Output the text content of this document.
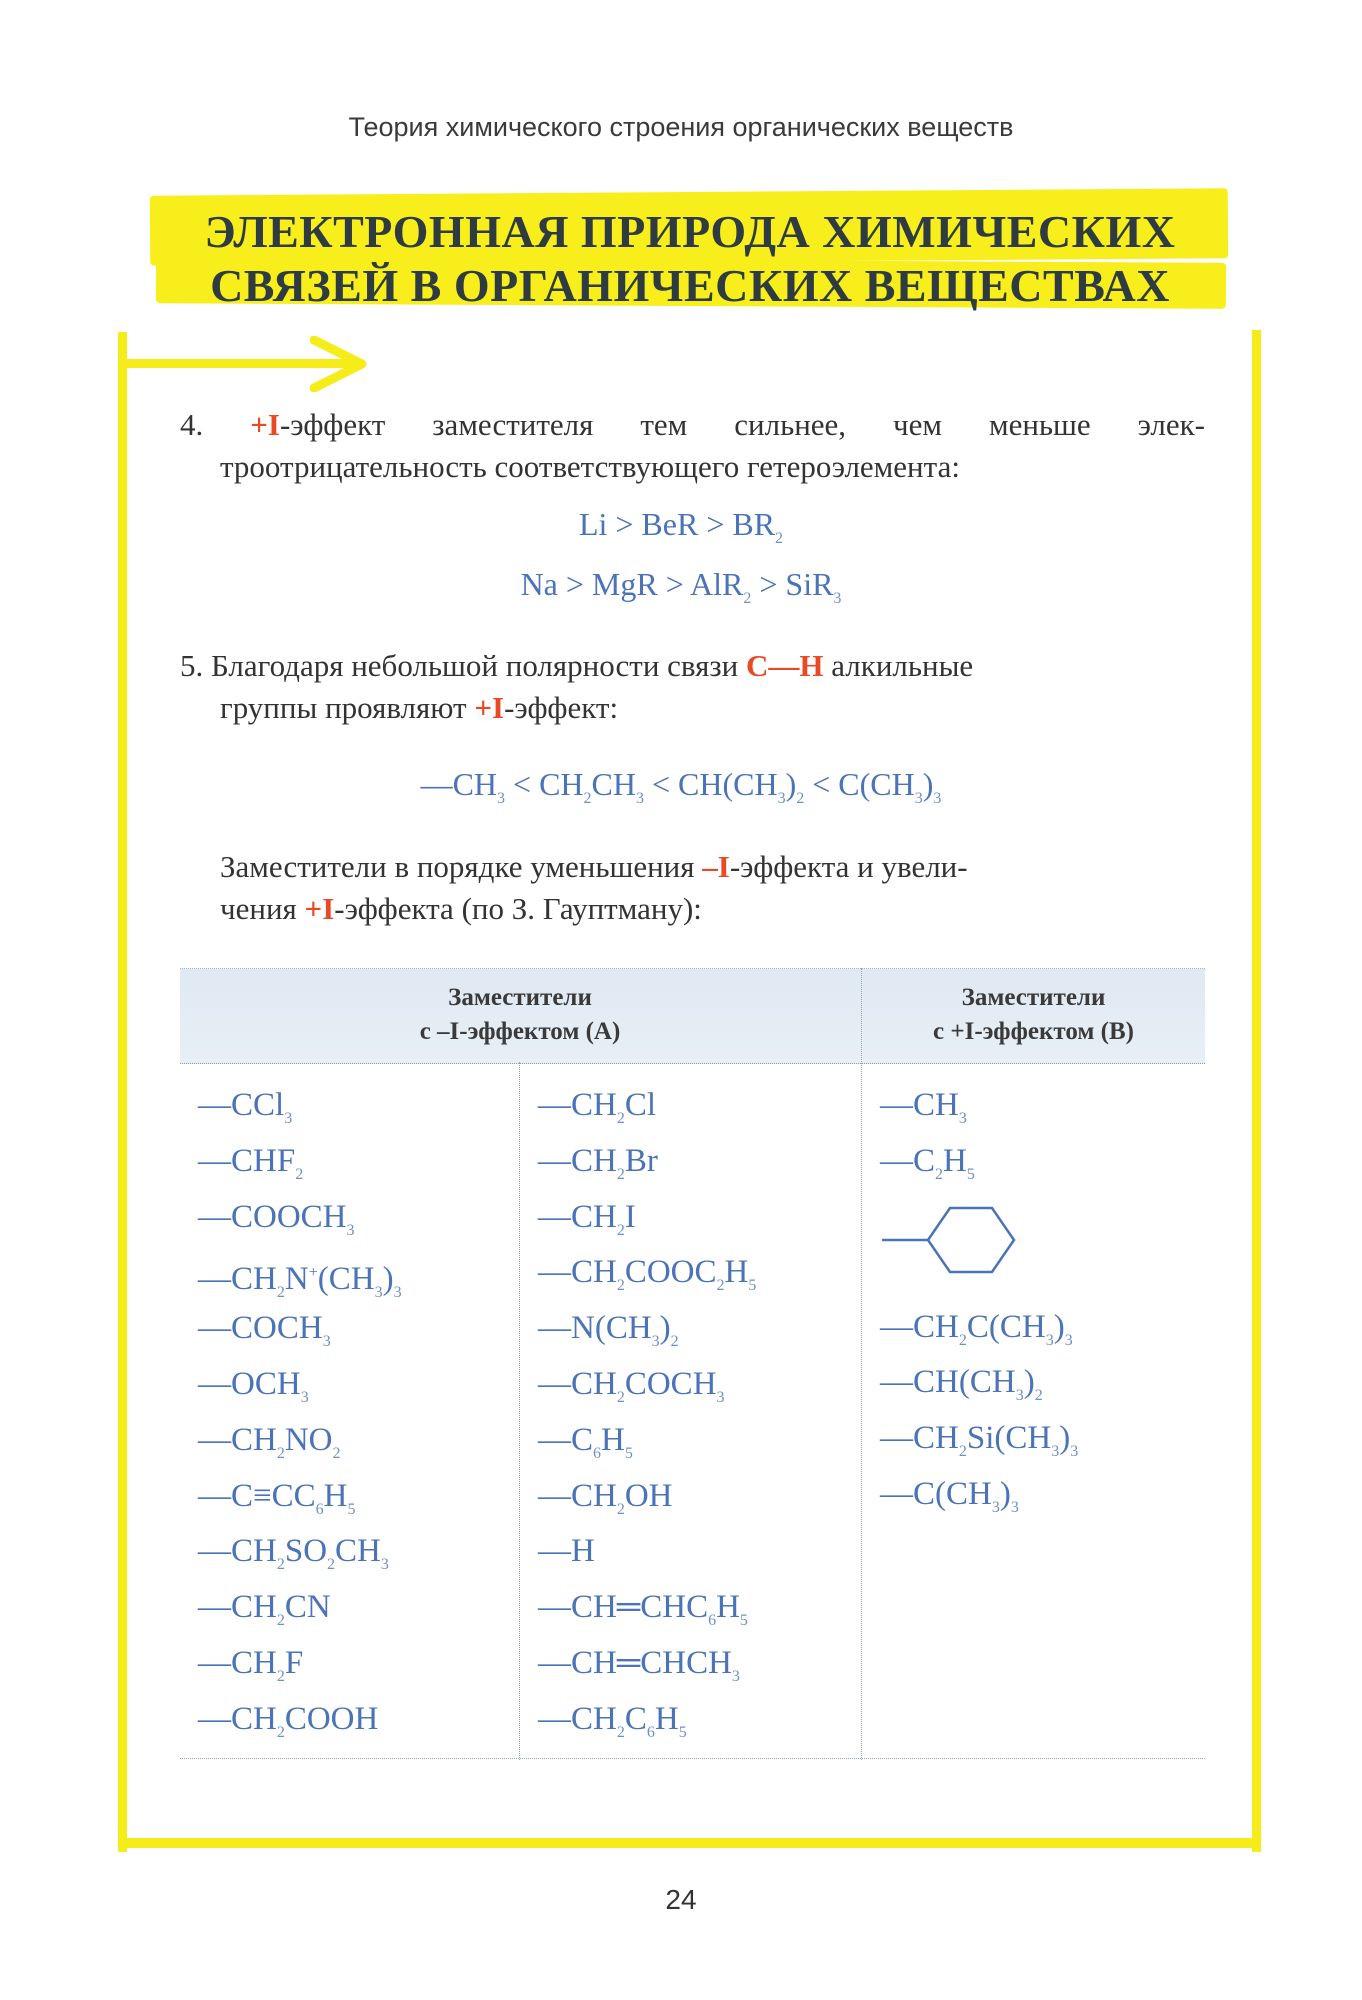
Теория химического строения органических веществ
ЭЛЕКТРОННАЯ ПРИРОДА ХИМИЧЕСКИХ
СВЯЗЕЙ В ОРГАНИЧЕСКИХ ВЕЩЕСТВАХ
4. +I-эффект заместителя тем сильнее, чем меньше элек-
троотрицательность соответствующего гетероэлемента:
Li > BeR > $BR_2$
Na > MgR > AlR$_2$ > SiR$_3$
5. Благодаря небольшой полярности связи C—H алкильные
группы проявляют +I-эффект:
$—CH_3 < CH_2CH_3 < CH(CH_3)_2 < C(CH_3)_3$
Заместители в порядке уменьшения –I-эффекта и увели-
чения +I-эффекта (по З. Гауптману):
Заместители
с –I-эффектом (А)
Заместители
с +I-эффектом (В)
—CCl$_3$
$—CHF_2$
$—COOCH_3$
$—CH_2N^+(CH_3)_3$
$—COCH_3$
$—OCH_3$
$—CH_2NO_2$
$—C\equiv CC_6H_5$
$—CH_2SO_2CH_3$
$—CH_2CN$
$—CH_2F$
$—CH_2COOH$
$—CH_2Cl$
$—CH_2Br$
$—CH_2I$
$—CH_2COOC_2H_5$
$—N(CH_3)_2$
$—CH_2COCH_3$
$—C_6H_5$
$—CH_2OH$
—H
$—CH═CHC_6H_5$
$—CH═CHCH_3$
$—CH_2C_6H_5$
$—CH_3$
$—C_2H_5$
$—CH_2C(CH_3)_3$
$—CH(CH_3)_2$
$—CH_2Si(CH_3)_3$
$—C(CH_3)_3$
24
